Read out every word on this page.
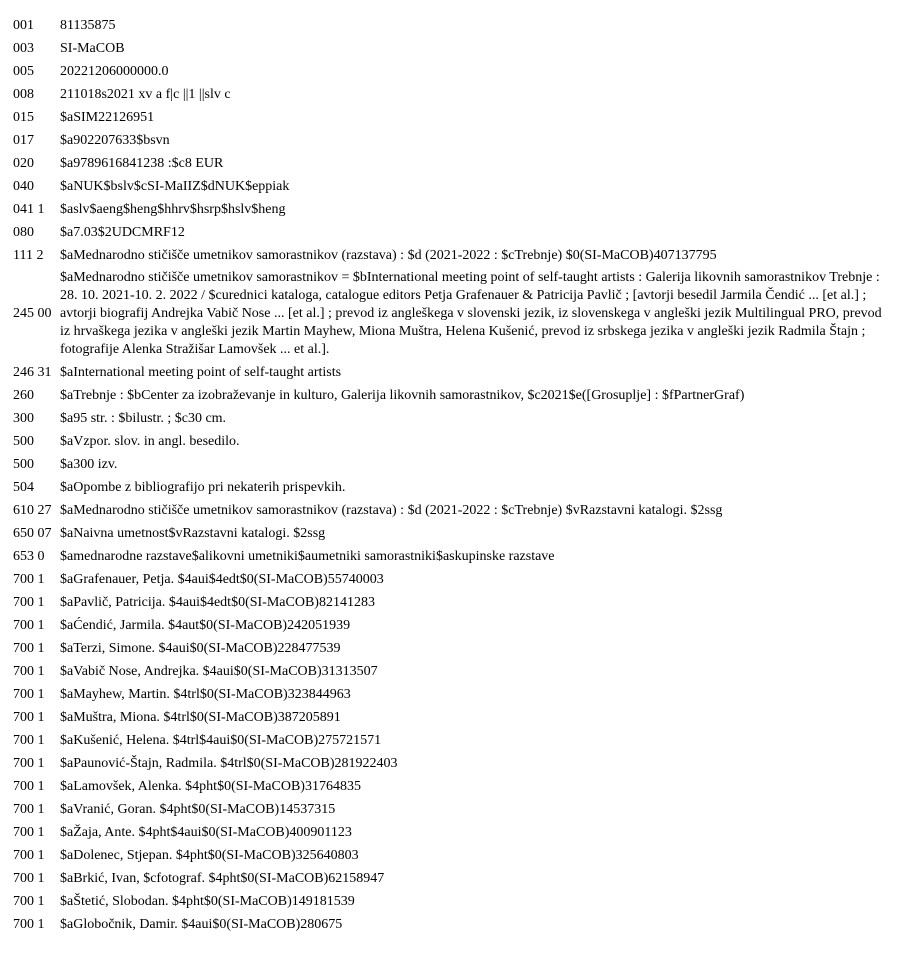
001	81135875
003	SI-MaCOB
005	20221206000000.0
008	211018s2021 xv a f|c ||1 ||slv c
015	$aSIM22126951
017	$a902207633$bsvn
020	$a9789616841238 :$c8 EUR
040	$aNUK$bslv$cSI-MaIIZ$dNUK$eppiak
041 1	$aslv$aeng$heng$hhrv$hsrp$hslv$heng
080	$a7.03$2UDCMRF12
111 2	$aMednarodno stičišče umetnikov samorastnikov (razstava) : $d (2021-2022 : $cTrebnje) $0(SI-MaCOB)407137795
245 00	$aMednarodno stičišče umetnikov samorastnikov = $bInternational meeting point of self-taught artists : Galerija likovnih samorastnikov Trebnje : 28. 10. 2021-10. 2. 2022 / $curednici kataloga, catalogue editors Petja Grafenauer & Patricija Pavlič ; [avtorji besedil Jarmila Čendić ... [et al.] ; avtorji biografij Andrejka Vabič Nose ... [et al.] ; prevod iz angleškega v slovenski jezik, iz slovenskega v angleški jezik Multilingual PRO, prevod iz hrvaškega jezika v angleški jezik Martin Mayhew, Miona Muštra, Helena Kušenić, prevod iz srbskega jezika v angleški jezik Radmila Štajn ; fotografije Alenka Stražišar Lamovšek ... et al.].
246 31	$aInternational meeting point of self-taught artists
260	$aTrebnje : $bCenter za izobraževanje in kulturo, Galerija likovnih samorastnikov, $c2021$e([Grosuplje] : $fPartnerGraf)
300	$a95 str. : $bilustr. ; $c30 cm.
500	$aVzpor. slov. in angl. besedilo.
500	$a300 izv.
504	$aOpombe z bibliografijo pri nekaterih prispevkih.
610 27	$aMednarodno stičišče umetnikov samorastnikov (razstava) : $d (2021-2022 : $cTrebnje) $vRazstavni katalogi. $2ssg
650 07	$aNaivna umetnost$vRazstavni katalogi. $2ssg
653 0	$amednarodne razstave$alikovni umetniki$aumetniki samorastniki$askupinske razstave
700 1	$aGrafenauer, Petja. $4aui$4edt$0(SI-MaCOB)55740003
700 1	$aPavlič, Patricija. $4aui$4edt$0(SI-MaCOB)82141283
700 1	$aĆendić, Jarmila. $4aut$0(SI-MaCOB)242051939
700 1	$aTerzi, Simone. $4aui$0(SI-MaCOB)228477539
700 1	$aVabič Nose, Andrejka. $4aui$0(SI-MaCOB)31313507
700 1	$aMayhew, Martin. $4trl$0(SI-MaCOB)323844963
700 1	$aMuštra, Miona. $4trl$0(SI-MaCOB)387205891
700 1	$aKušenić, Helena. $4trl$4aui$0(SI-MaCOB)275721571
700 1	$aPaunović-Štajn, Radmila. $4trl$0(SI-MaCOB)281922403
700 1	$aLamovšek, Alenka. $4pht$0(SI-MaCOB)31764835
700 1	$aVranić, Goran. $4pht$0(SI-MaCOB)14537315
700 1	$aŽaja, Ante. $4pht$4aui$0(SI-MaCOB)400901123
700 1	$aDolenec, Stjepan. $4pht$0(SI-MaCOB)325640803
700 1	$aBrkić, Ivan, $cfotograf. $4pht$0(SI-MaCOB)62158947
700 1	$aŠtetić, Slobodan. $4pht$0(SI-MaCOB)149181539
700 1	$aGlobočnik, Damir. $4aui$0(SI-MaCOB)280675
